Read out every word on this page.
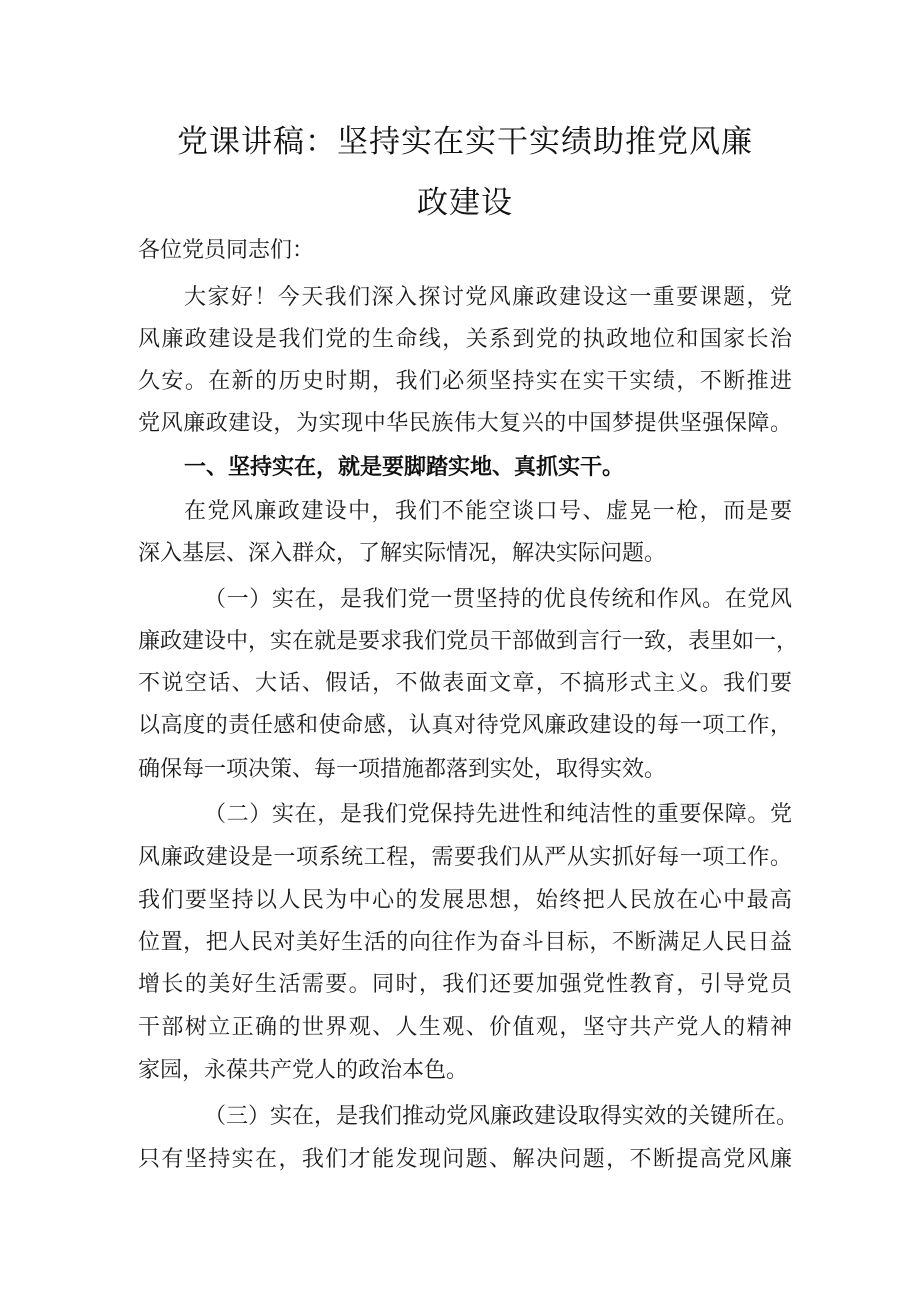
党课讲稿：坚持实在实干实绩助推党风廉
政建设
各位党员同志们：
大家好！今天我们深入探讨党风廉政建设这一重要课题，党
风廉政建设是我们党的生命线，关系到党的执政地位和国家长治
久安。在新的历史时期，我们必须坚持实在实干实绩，不断推进
党风廉政建设，为实现中华民族伟大复兴的中国梦提供坚强保障。
一、坚持实在，就是要脚踏实地、真抓实干。
在党风廉政建设中，我们不能空谈口号、虚晃一枪，而是要
深入基层、深入群众，了解实际情况，解决实际问题。
（一）实在，是我们党一贯坚持的优良传统和作风。在党风
廉政建设中，实在就是要求我们党员干部做到言行一致，表里如一，
不说空话、大话、假话，不做表面文章，不搞形式主义。我们要
以高度的责任感和使命感，认真对待党风廉政建设的每一项工作，
确保每一项决策、每一项措施都落到实处，取得实效。
（二）实在，是我们党保持先进性和纯洁性的重要保障。党
风廉政建设是一项系统工程，需要我们从严从实抓好每一项工作。
我们要坚持以人民为中心的发展思想，始终把人民放在心中最高
位置，把人民对美好生活的向往作为奋斗目标，不断满足人民日益
增长的美好生活需要。同时，我们还要加强党性教育，引导党员
干部树立正确的世界观、人生观、价值观，坚守共产党人的精神
家园，永葆共产党人的政治本色。
（三）实在，是我们推动党风廉政建设取得实效的关键所在。
只有坚持实在，我们才能发现问题、解决问题，不断提高党风廉
